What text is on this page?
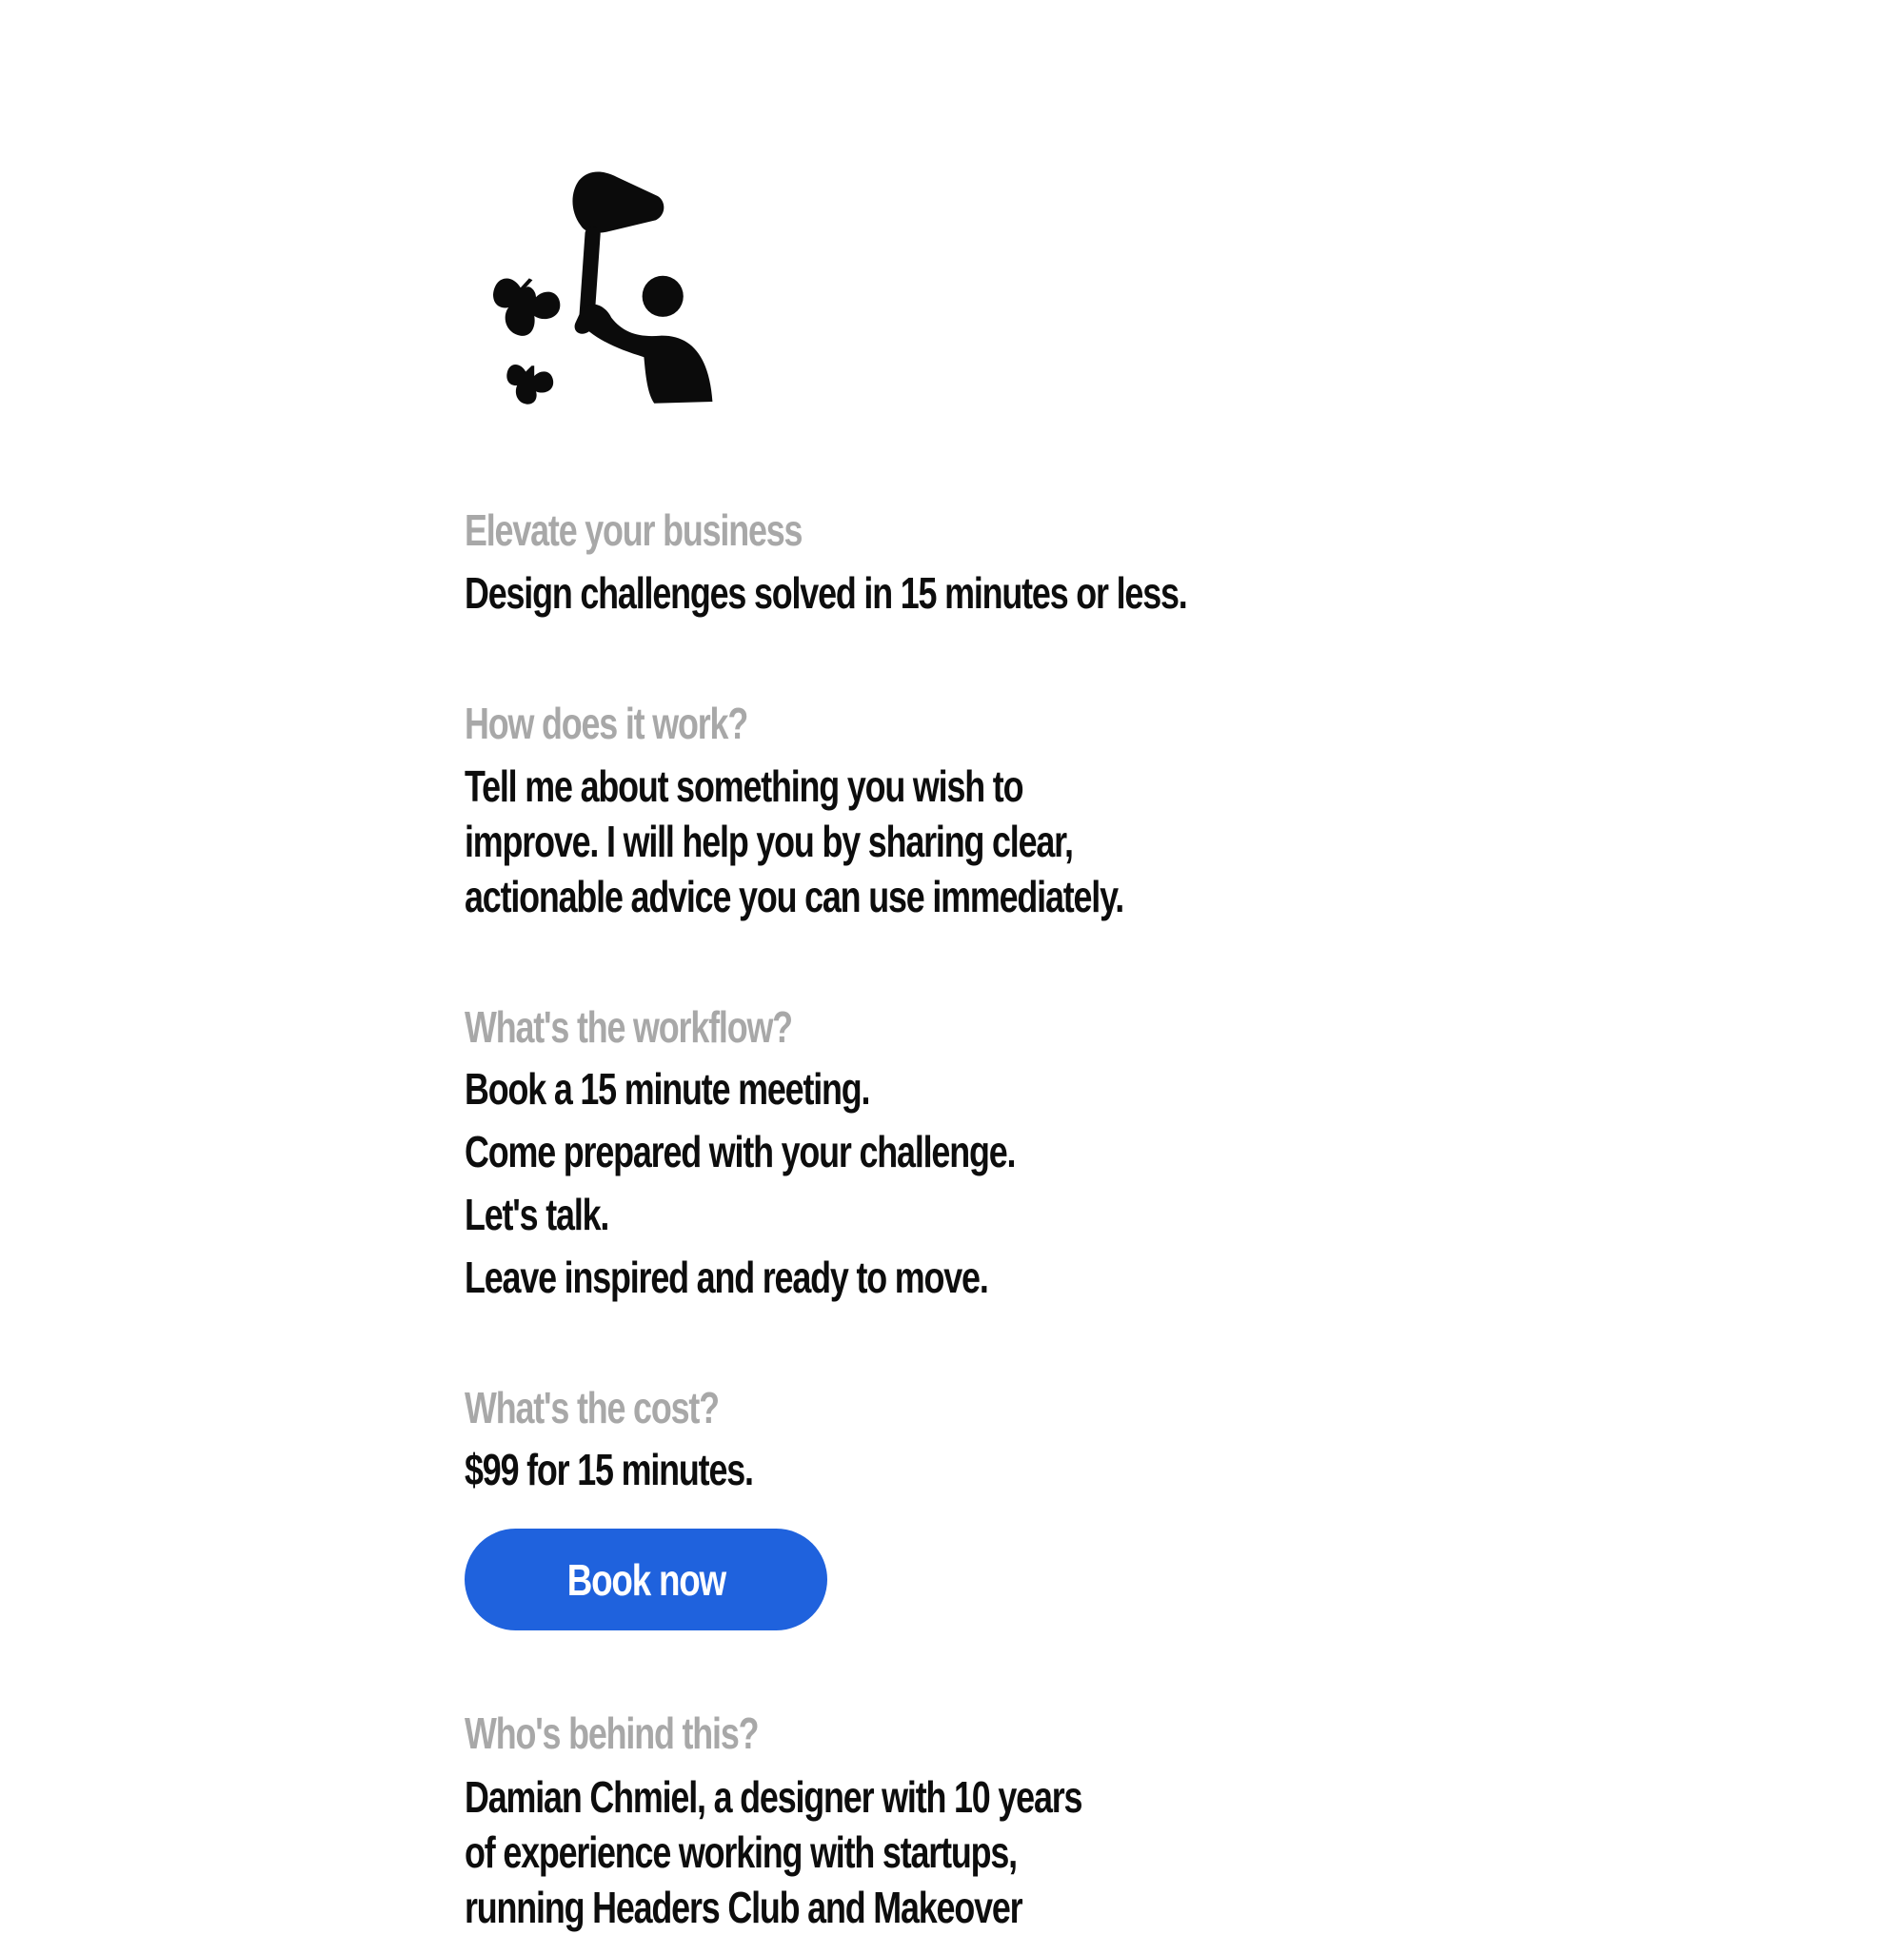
Elevate your business
Design challenges solved in 15 minutes or less.
How does it work?
Tell me about something you wish to
improve. I will help you by sharing clear,
actionable advice you can use immediately.
What's the workflow?
Book a 15 minute meeting.
Come prepared with your challenge.
Let's talk.
Leave inspired and ready to move.
What's the cost?
$99 for 15 minutes.
Book now
Who's behind this?
Damian Chmiel, a designer with 10 years
of experience working with startups,
running Headers Club and Makeover
